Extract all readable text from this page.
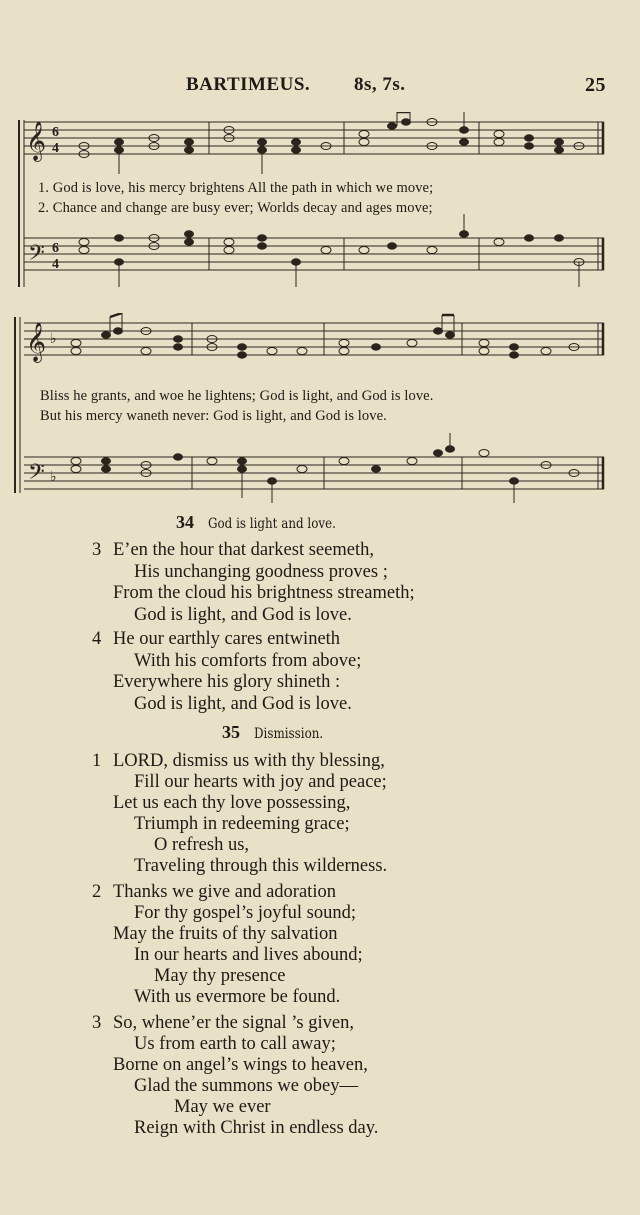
BARTIMEUS. 8s, 7s.	25
𝄞 6
4
𝄢 6
4
1. God is love, his mercy brightens All the path in which we move;
2. Chance and change are busy ever; Worlds decay and ages move;
𝄞 ♭
𝄢 ♭
Bliss he grants, and woe he lightens; God is light, and God is love.
But his mercy waneth never: God is light, and God is love.
34 God is light and love.
3 E’en the hour that darkest seemeth,
His unchanging goodness proves ;
From the cloud his brightness streameth;
God is light, and God is love.
4 He our earthly cares entwineth
With his comforts from above;
Everywhere his glory shineth :
God is light, and God is love.
35 Dismission.
1 LORD, dismiss us with thy blessing,
Fill our hearts with joy and peace;
Let us each thy love possessing,
Triumph in redeeming grace;
O refresh us,
Traveling through this wilderness.
2 Thanks we give and adoration
For thy gospel’s joyful sound;
May the fruits of thy salvation
In our hearts and lives abound;
May thy presence
With us evermore be found.
3 So, whene’er the signal ’s given,
Us from earth to call away;
Borne on angel’s wings to heaven,
Glad the summons we obey—
May we ever
Reign with Christ in endless day.
